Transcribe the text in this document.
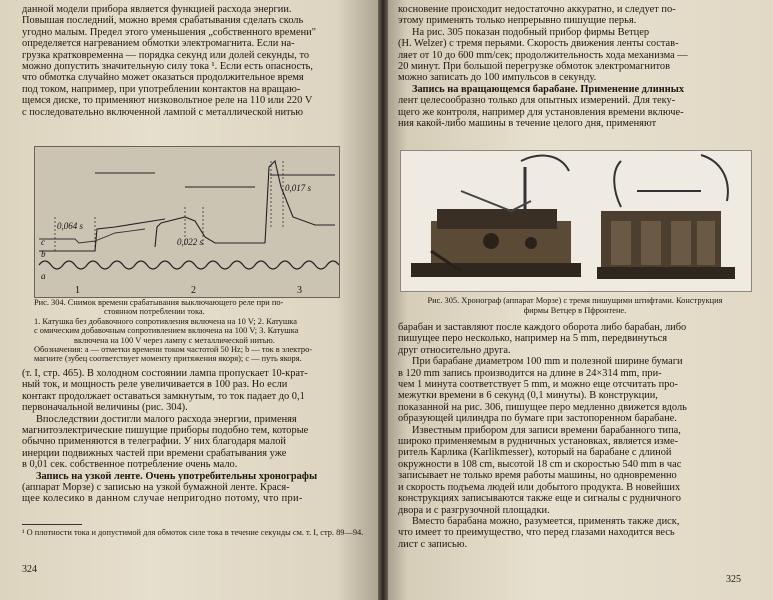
данной модели прибора является функцией расхода энергии.

Повышая последний, можно время срабатывания сделать сколь

угодно малым. Предел этого уменьшения „собственного времени"

определяется нагреванием обмотки электромагнита. Если на-

грузка кратковременна — порядка секунд или долей секунды, то

можно допустить значительную силу тока ¹. Если есть опасность,

что обмотка случайно может оказаться продолжительное время

под током, например, при употреблении контактов на вращаю-

щемся диске, то применяют низковольтное реле на 110 или 220 V

с последовательно включенной лампой с металлической нитью

0,064 s
0,022 s
0,017 s
c
b
a
1	2	3

Рис. 304. Снимок времени срабатывания выключающего реле при по-

стоянном потреблении тока.

1. Катушка без добавочного сопротивления включена на 10 V; 2. Катушка

с омическим добавочным сопротивлением включена на 100 V; 3. Катушка

включена на 100 V через лампу с металлической нитью.

Обозначения: a — отметки времени током частотой 50 Hz; b — ток в электро-

магните (зубец соответствует моменту притяжения якоря); c — путь якоря.

(т. I, стр. 465). В холодном состоянии лампа пропускает 10-крат-

ный ток, и мощность реле увеличивается в 100 раз. Но если

контакт продолжает оставаться замкнутым, то ток падает до 0,1

первоначальной величины (рис. 304).

Впоследствии достигли малого расхода энергии, применяя

магнитоэлектрические пишущие приборы подобно тем, которые

обычно применяются в телеграфии. У них благодаря малой

инерции подвижных частей при времени срабатывания уже

в 0,01 сек. собственное потребление очень мало.

Запись на узкой ленте. Очень употребительны хронографы

(аппарат Морзе) с записью на узкой бумажной ленте. Крася-

щее колесико в данном случае непригодно потому, что при-

¹ О плотности тока и допустимой для обмоток силе тока в течение секунды см. т. I, стр. 89—94.
324

косновение происходит недостаточно аккуратно, и следует по-

этому применять только непрерывно пишущие перья.

На рис. 305 показан подобный прибор фирмы Ветцер

(H. Welzer) с тремя перьями. Скорость движения ленты состав-

ляет от 10 до 600 mm/сек; продолжительность хода механизма —

20 минут. При большой перегрузке обмоток электромагнитов

можно записать до 100 импульсов в секунду.

Запись на вращающемся барабане. Применение длинных

лент целесообразно только для опытных измерений. Для теку-

щего же контроля, например для установления времени включе-

ния какой-либо машины в течение целого дня, применяют

Рис. 305. Хронограф (аппарат Морзе) с тремя пишущими штифтами. Конструкция
фирмы Ветцер в Пфронтене.

барабан и заставляют после каждого оборота либо барабан, либо

пишущее перо несколько, например на 5 mm, передвинуться

друг относительно друга.

При барабане диаметром 100 mm и полезной ширине бумаги

в 120 mm запись производится на длине в 24×314 mm, при-

чем 1 минута соответствует 5 mm, и можно еще отсчитать про-

межутки времени в 6 секунд (0,1 минуты). В конструкции,

показанной на рис. 306, пишущее перо медленно движется вдоль

образующей цилиндра по бумаге при застопоренном барабане.

Известным прибором для записи времени барабанного типа,

широко применяемым в рудничных установках, является изме-

ритель Карлика (Karlikmesser), который на барабане с длиной

окружности в 108 cm, высотой 18 cm и скоростью 540 mm в час

записывает не только время работы машины, но одновременно

и скорость подъема людей или добытого продукта. В новейших

конструкциях записываются также еще и сигналы с рудничного

двора и с разгрузочной площадки.

Вместо барабана можно, разумеется, применять также диск,

что имеет то преимущество, что перед глазами находится весь

лист с записью.

325
